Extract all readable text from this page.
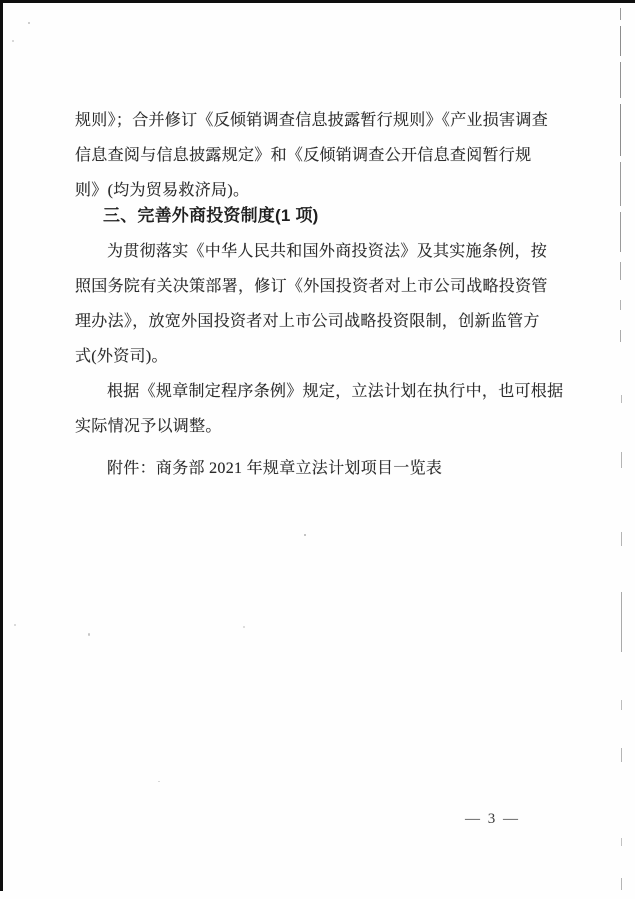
规则》；合并修订《反倾销调查信息披露暂行规则》《产业损害调查
信息查阅与信息披露规定》和《反倾销调查公开信息查阅暂行规
则》(均为贸易救济局)。
三、完善外商投资制度(1 项)
为贯彻落实《中华人民共和国外商投资法》及其实施条例，按
照国务院有关决策部署，修订《外国投资者对上市公司战略投资管
理办法》，放宽外国投资者对上市公司战略投资限制，创新监管方
式(外资司)。
根据《规章制定程序条例》规定，立法计划在执行中，也可根据
实际情况予以调整。
附件：商务部 2021 年规章立法计划项目一览表
— 3 —
